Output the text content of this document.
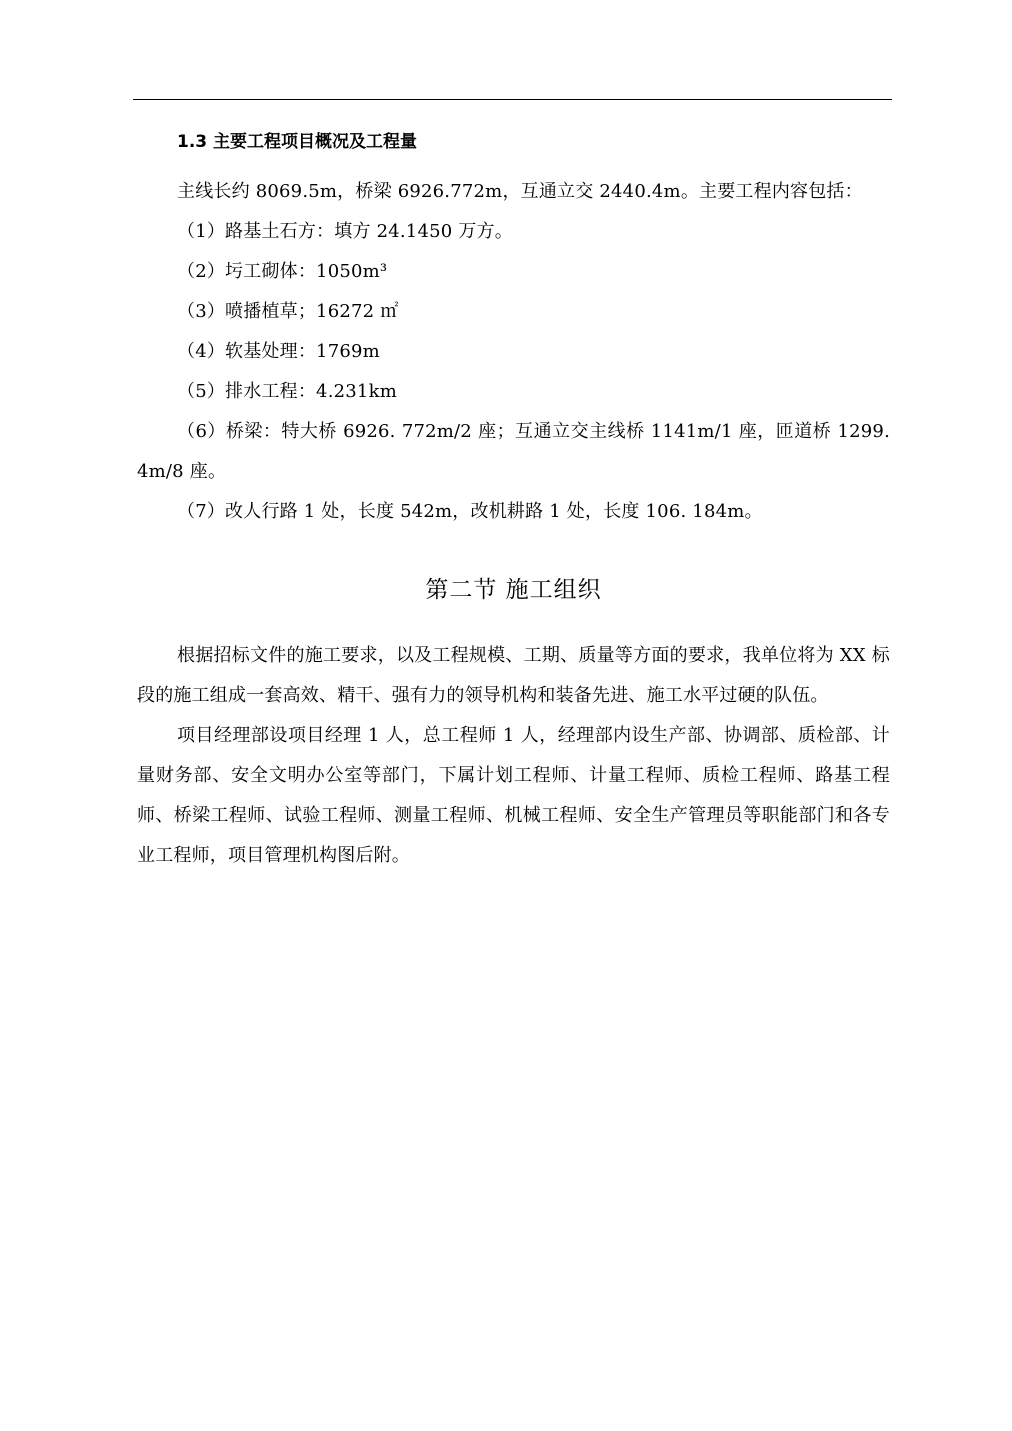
1.3 主要工程项目概况及工程量

主线长约 8069.5m，桥梁 6926.772m，互通立交 2440.4m。主要工程内容包括：

（1）路基土石方：填方 24.1450 万方。

（2）圬工砌体：1050m³

（3）喷播植草；16272 ㎡

（4）软基处理：1769m

（5）排水工程：4.231km

（6）桥梁：特大桥 6926. 772m/2 座；互通立交主线桥 1141m/1 座，匝道桥 1299. 4m/8 座。

（7）改人行路 1 处，长度 542m，改机耕路 1 处，长度 106. 184m。

第二节 施工组织

根据招标文件的施工要求，以及工程规模、工期、质量等方面的要求，我单位将为 XX 标段的施工组成一套高效、精干、强有力的领导机构和装备先进、施工水平过硬的队伍。

项目经理部设项目经理 1 人，总工程师 1 人，经理部内设生产部、协调部、质检部、计量财务部、安全文明办公室等部门，下属计划工程师、计量工程师、质检工程师、路基工程师、桥梁工程师、试验工程师、测量工程师、机械工程师、安全生产管理员等职能部门和各专业工程师，项目管理机构图后附。
